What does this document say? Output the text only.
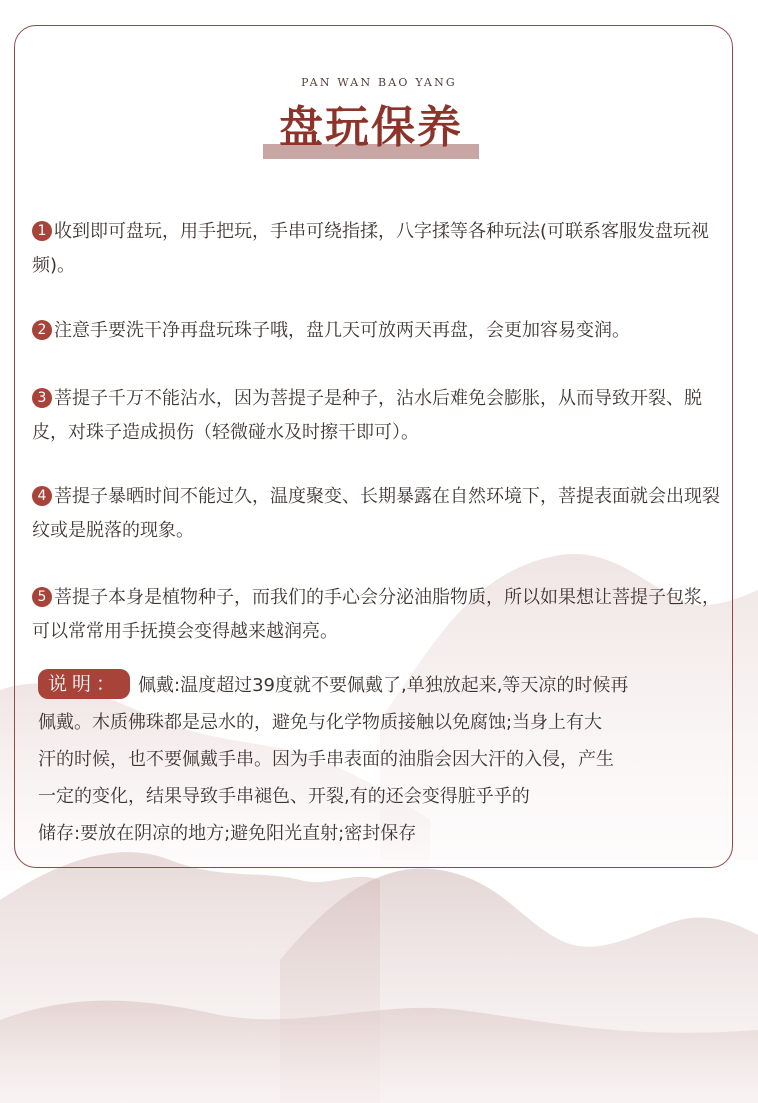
PAN WAN BAO YANG
盘玩保养
1 收到即可盘玩，用手把玩，手串可绕指揉，八字揉等各种玩法(可联系客服发盘玩视频)。
2 注意手要洗干净再盘玩珠子哦，盘几天可放两天再盘，会更加容易变润。
3 菩提子千万不能沾水，因为菩提子是种子，沾水后难免会膨胀，从而导致开裂、脱皮，对珠子造成损伤（轻微碰水及时擦干即可）。
4 菩提子暴晒时间不能过久，温度聚变、长期暴露在自然环境下，菩提表面就会出现裂纹或是脱落的现象。
5 菩提子本身是植物种子，而我们的手心会分泌油脂物质，所以如果想让菩提子包浆，可以常常用手抚摸会变得越来越润亮。
说明： 佩戴:温度超过39度就不要佩戴了,单独放起来,等天凉的时候再
佩戴。木质佛珠都是忌水的，避免与化学物质接触以免腐蚀;当身上有大
汗的时候，也不要佩戴手串。因为手串表面的油脂会因大汗的入侵，产生
一定的变化，结果导致手串褪色、开裂,有的还会变得脏乎乎的
储存:要放在阴凉的地方;避免阳光直射;密封保存
